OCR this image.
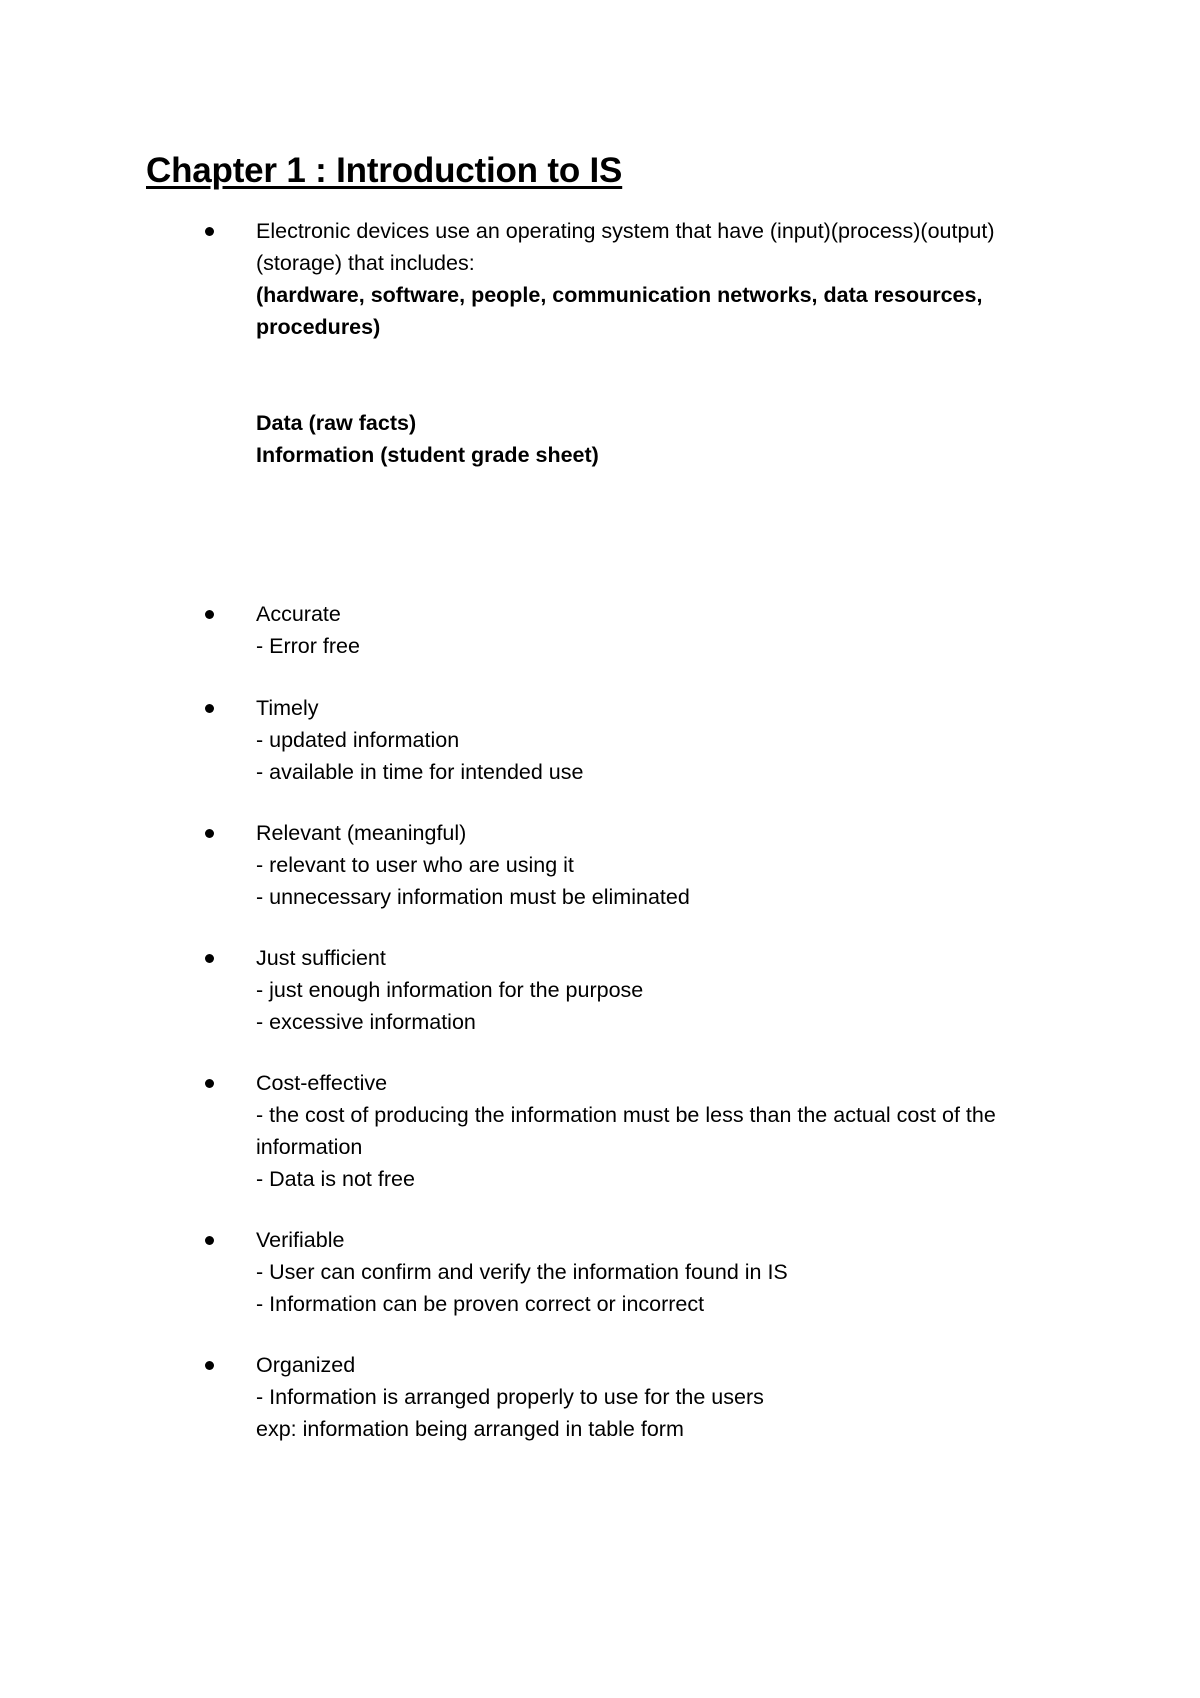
Chapter 1 : Introduction to IS
Electronic devices use an operating system that have (input)(process)(output)
(storage) that includes:
(hardware, software, people, communication networks, data resources,
procedures)
Data (raw facts)
Information (student grade sheet)
Accurate
- Error free
Timely
- updated information
- available in time for intended use
Relevant (meaningful)
- relevant to user who are using it
- unnecessary information must be eliminated
Just sufficient
- just enough information for the purpose
- excessive information
Cost-effective
- the cost of producing the information must be less than the actual cost of the
information
- Data is not free
Verifiable
- User can confirm and verify the information found in IS
- Information can be proven correct or incorrect
Organized
- Information is arranged properly to use for the users
exp: information being arranged in table form
